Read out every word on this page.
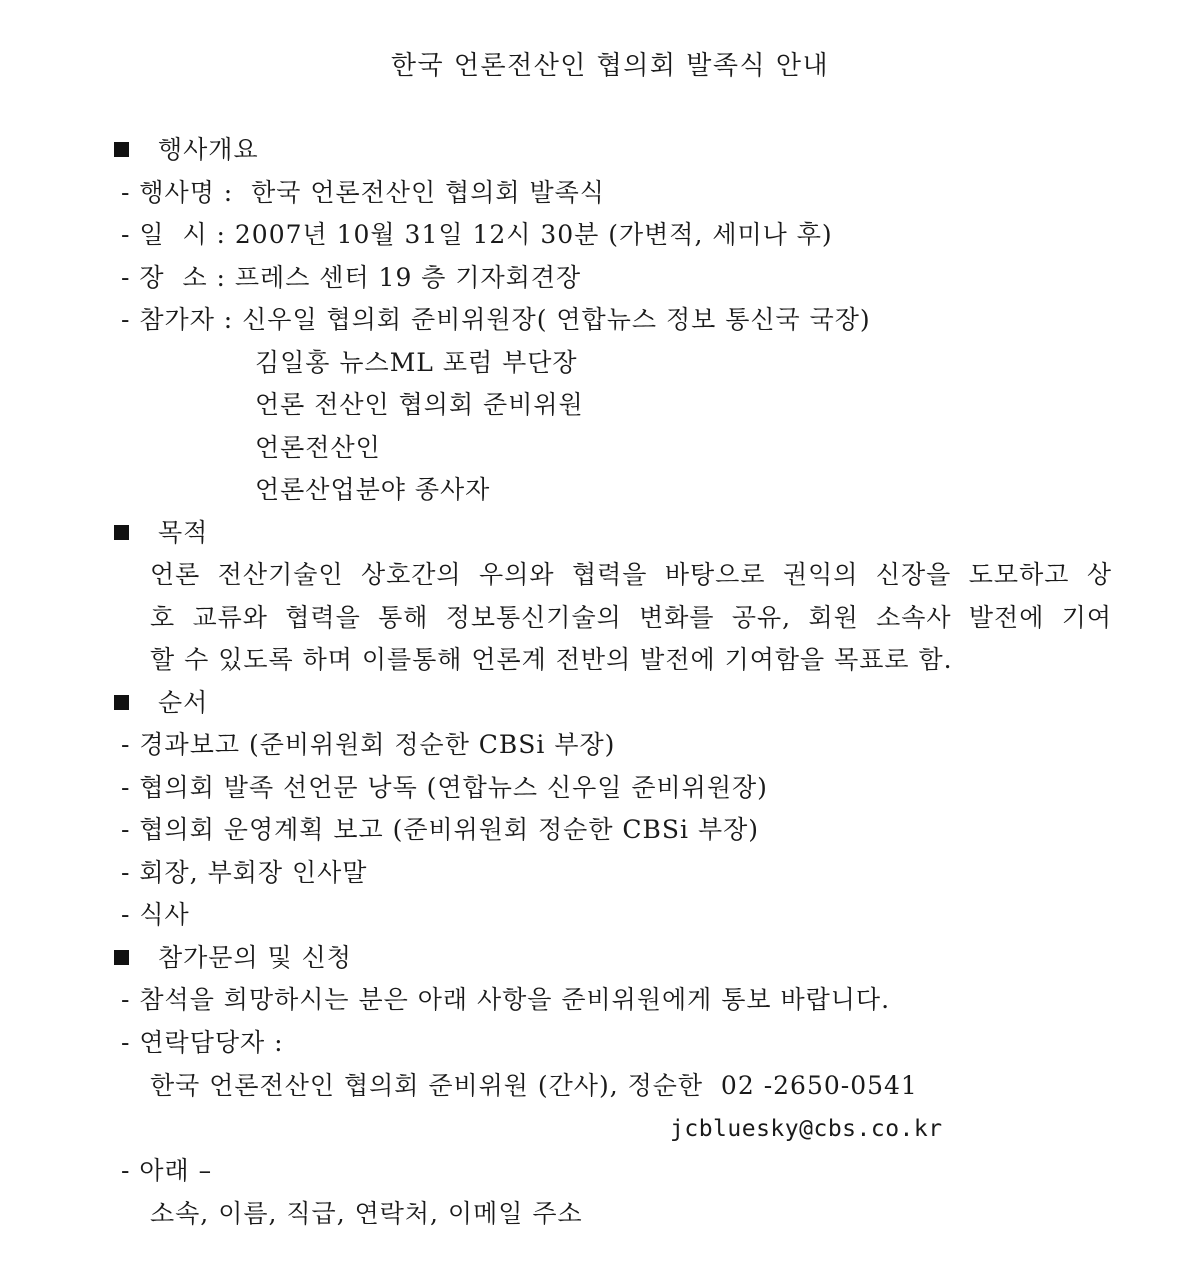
한국 언론전산인 협의회 발족식 안내
행사개요
- 행사명 :  한국 언론전산인 협의회 발족식
- 일  시 : 2007년 10월 31일 12시 30분 (가변적, 세미나 후)
- 장  소 : 프레스 센터 19 층 기자회견장
- 참가자 : 신우일 협의회 준비위원장( 연합뉴스 정보 통신국 국장)
김일홍 뉴스ML 포럼 부단장
언론 전산인 협의회 준비위원
언론전산인
언론산업분야 종사자
목적
언론 전산기술인 상호간의 우의와 협력을 바탕으로 권익의 신장을 도모하고 상
호 교류와 협력을 통해 정보통신기술의 변화를 공유, 회원 소속사 발전에 기여
할 수 있도록 하며 이를통해 언론계 전반의 발전에 기여함을 목표로 함.
순서
- 경과보고 (준비위원회 정순한 CBSi 부장)
- 협의회 발족 선언문 낭독 (연합뉴스 신우일 준비위원장)
- 협의회 운영계획 보고 (준비위원회 정순한 CBSi 부장)
- 회장, 부회장 인사말
- 식사
참가문의 및 신청
- 참석을 희망하시는 분은 아래 사항을 준비위원에게 통보 바랍니다.
- 연락담당자 :
한국 언론전산인 협의회 준비위원 (간사), 정순한  02 -2650-0541
jcbluesky@cbs.co.kr
- 아래 –
소속, 이름, 직급, 연락처, 이메일 주소
